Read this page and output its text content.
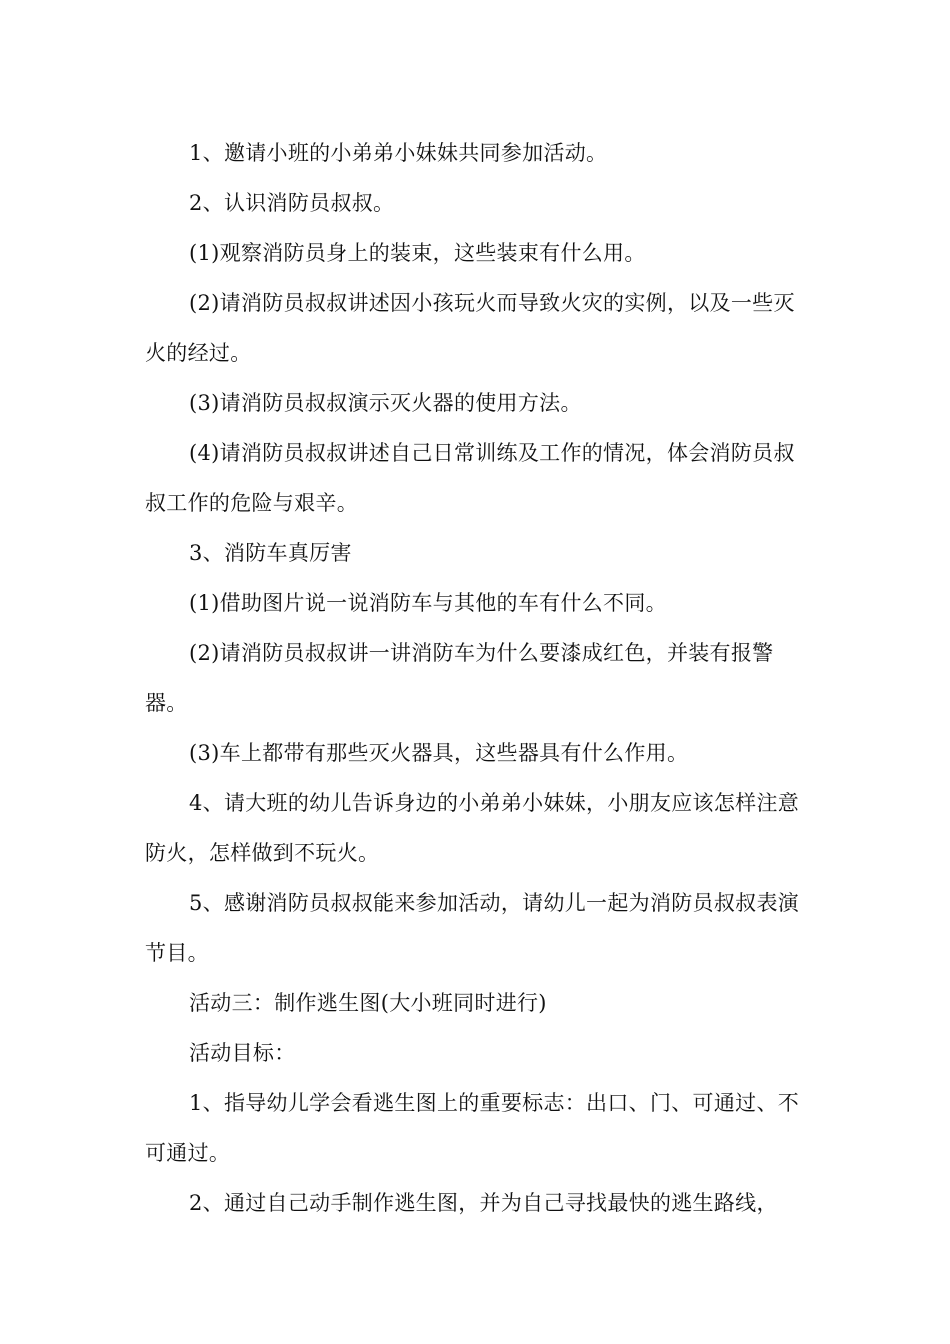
1、邀请小班的小弟弟小妹妹共同参加活动。

2、认识消防员叔叔。

(1)观察消防员身上的装束，这些装束有什么用。

(2)请消防员叔叔讲述因小孩玩火而导致火灾的实例，以及一些灭火的经过。

(3)请消防员叔叔演示灭火器的使用方法。

(4)请消防员叔叔讲述自己日常训练及工作的情况，体会消防员叔叔工作的危险与艰辛。

3、消防车真厉害

(1)借助图片说一说消防车与其他的车有什么不同。

(2)请消防员叔叔讲一讲消防车为什么要漆成红色，并装有报警器。

(3)车上都带有那些灭火器具，这些器具有什么作用。

4、请大班的幼儿告诉身边的小弟弟小妹妹，小朋友应该怎样注意防火，怎样做到不玩火。

5、感谢消防员叔叔能来参加活动，请幼儿一起为消防员叔叔表演节目。

活动三：制作逃生图(大小班同时进行)

活动目标：

1、指导幼儿学会看逃生图上的重要标志：出口、门、可通过、不可通过。

2、通过自己动手制作逃生图，并为自己寻找最快的逃生路线，
